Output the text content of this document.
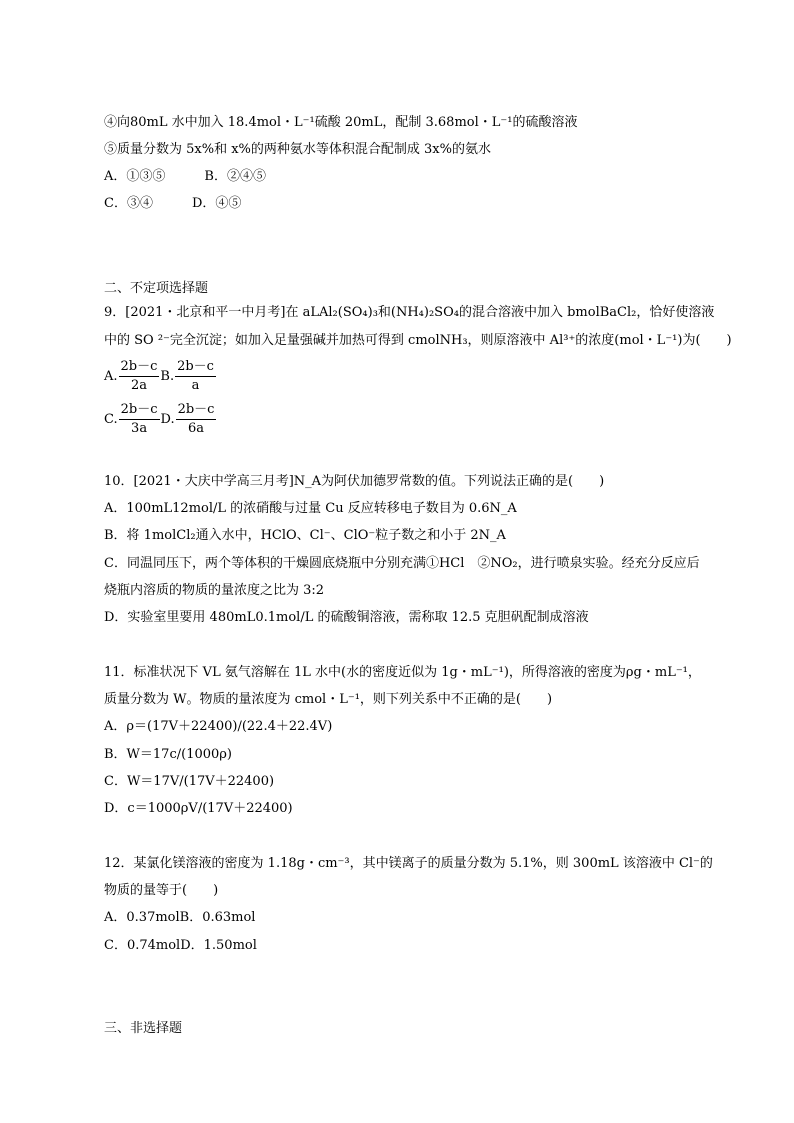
④向80mL 水中加入 18.4mol・L⁻¹硫酸 20mL，配制 3.68mol・L⁻¹的硫酸溶液
⑤质量分数为 5x%和 x%的两种氨水等体积混合配制成 3x%的氨水
A．①③⑤　　　B．②④⑤
C．③④　　　D．④⑤
二、不定项选择题
9．[2021・北京和平一中月考]在 aLAl₂(SO₄)₃和(NH₄)₂SO₄的混合溶液中加入 bmolBaCl₂，恰好使溶液
中的 SO ²⁻完全沉淀；如加入足量强碱并加热可得到 cmolNH₃，则原溶液中 Al³⁺的浓度(mol・L⁻¹)为(　　)
A. $\frac{2b-c}{2a} B$. $\frac{2b-c}{a}$
C. $\frac{2b-c}{3a} D$. $\frac{2b-c}{6a}$
10．[2021・大庆中学高三月考]N_A为阿伏加德罗常数的值。下列说法正确的是(　　)
A．100mL12mol/L 的浓硝酸与过量 Cu 反应转移电子数目为 0.6N_A
B．将 1molCl₂通入水中，HClO、Cl⁻、ClO⁻粒子数之和小于 2N_A
C．同温同压下，两个等体积的干燥圆底烧瓶中分别充满①HCl　②NO₂，进行喷泉实验。经充分反应后
烧瓶内溶质的物质的量浓度之比为 3:2
D．实验室里要用 480mL0.1mol/L 的硫酸铜溶液，需称取 12.5 克胆矾配制成溶液
11．标准状况下 VL 氨气溶解在 1L 水中(水的密度近似为 1g・mL⁻¹)，所得溶液的密度为ρg・mL⁻¹，
质量分数为 W。物质的量浓度为 cmol・L⁻¹，则下列关系中不正确的是(　　)
A．ρ＝(17V＋22400)/(22.4＋22.4V)
B．W＝17c/(1000ρ)
C．W＝17V/(17V＋22400)
D．c＝1000ρV/(17V＋22400)
12．某氯化镁溶液的密度为 1.18g・cm⁻³，其中镁离子的质量分数为 5.1%，则 300mL 该溶液中 Cl⁻的
物质的量等于(　　)
A．0.37molB．0.63mol
C．0.74molD．1.50mol
三、非选择题
